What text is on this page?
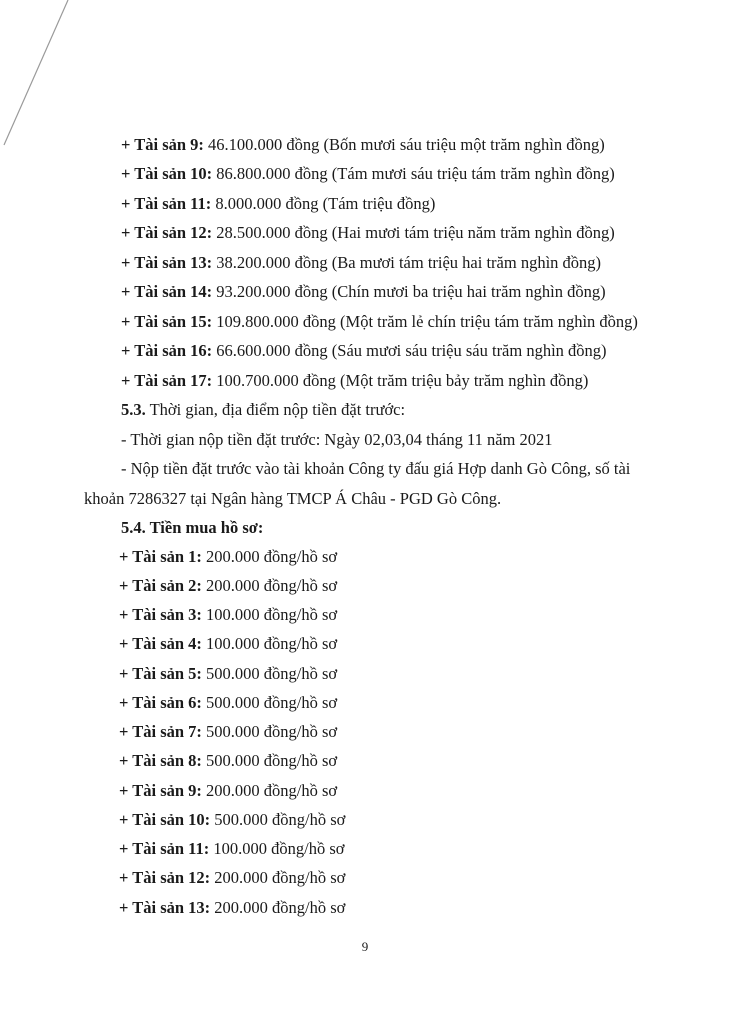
+ Tài sản 9: 46.100.000 đồng (Bốn mươi sáu triệu một trăm nghìn đồng)
+ Tài sản 10: 86.800.000 đồng (Tám mươi sáu triệu tám trăm nghìn đồng)
+ Tài sản 11: 8.000.000 đồng (Tám triệu đồng)
+ Tài sản 12: 28.500.000 đồng (Hai mươi tám triệu năm trăm nghìn đồng)
+ Tài sản 13: 38.200.000 đồng (Ba mươi tám triệu hai trăm nghìn đồng)
+ Tài sản 14: 93.200.000 đồng (Chín mươi ba triệu hai trăm nghìn đồng)
+ Tài sản 15: 109.800.000 đồng (Một trăm lẻ chín triệu tám trăm nghìn đồng)
+ Tài sản 16: 66.600.000 đồng (Sáu mươi sáu triệu sáu trăm nghìn đồng)
+ Tài sản 17: 100.700.000 đồng (Một trăm triệu bảy trăm nghìn đồng)
5.3. Thời gian, địa điểm nộp tiền đặt trước:
- Thời gian nộp tiền đặt trước: Ngày 02,03,04 tháng 11 năm 2021
- Nộp tiền đặt trước vào tài khoản Công ty đấu giá Hợp danh Gò Công, số tài
khoản 7286327 tại Ngân hàng TMCP Á Châu - PGD Gò Công.
5.4. Tiền mua hồ sơ:
+ Tài sản 1: 200.000 đồng/hồ sơ
+ Tài sản 2: 200.000 đồng/hồ sơ
+ Tài sản 3: 100.000 đồng/hồ sơ
+ Tài sản 4: 100.000 đồng/hồ sơ
+ Tài sản 5: 500.000 đồng/hồ sơ
+ Tài sản 6: 500.000 đồng/hồ sơ
+ Tài sản 7: 500.000 đồng/hồ sơ
+ Tài sản 8: 500.000 đồng/hồ sơ
+ Tài sản 9: 200.000 đồng/hồ sơ
+ Tài sản 10: 500.000 đồng/hồ sơ
+ Tài sản 11: 100.000 đồng/hồ sơ
+ Tài sản 12: 200.000 đồng/hồ sơ
+ Tài sản 13: 200.000 đồng/hồ sơ
9
